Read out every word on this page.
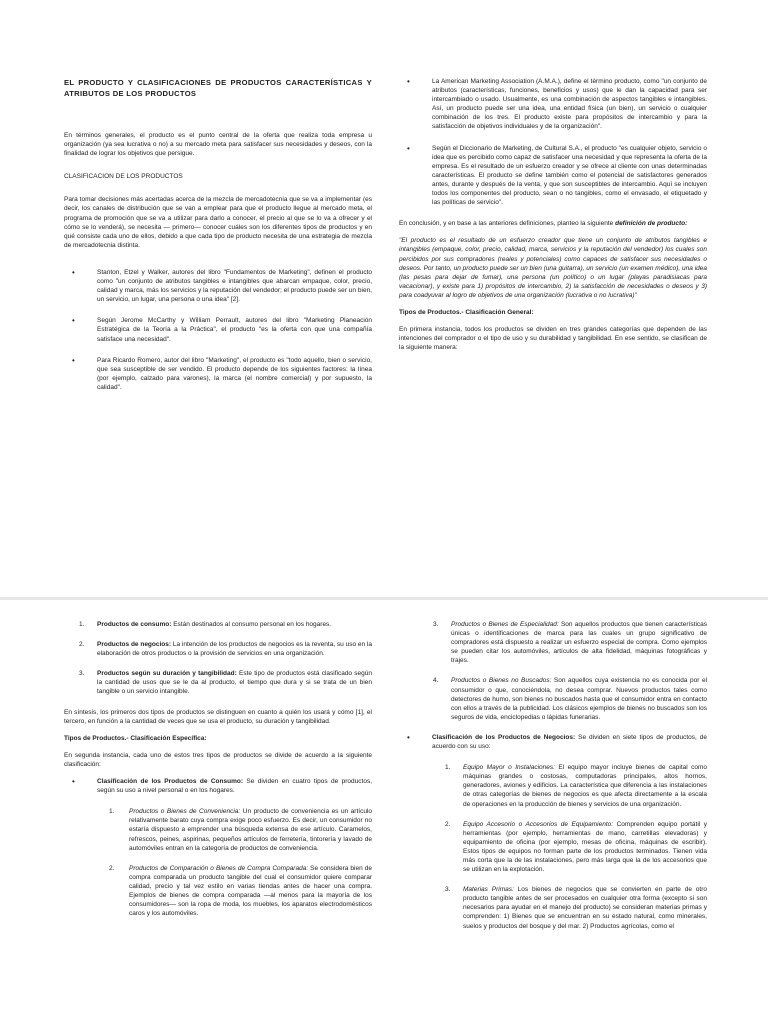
EL PRODUCTO Y CLASIFICACIONES DE PRODUCTOS CARACTERÍSTICAS Y ATRIBUTOS DE LOS PRODUCTOS

En términos generales, el producto es el punto central de la oferta que realiza toda empresa u organización (ya sea lucrativa o no) a su mercado meta para satisfacer sus necesidades y deseos, con la finalidad de lograr los objetivos que persigue.

CLASIFICACION DE LOS PRODUCTOS

Para tomar decisiones más acertadas acerca de la mezcla de mercadotecnia que se va a implementar (es decir, los canales de distribución que se van a emplear para que el producto llegue al mercado meta, el programa de promoción que se va a utilizar para darlo a conocer, el precio al que se lo va a ofrecer y el cómo se lo venderá), se necesita — primero— conocer cuáles son los diferentes tipos de productos y en qué consiste cada uno de ellos, debido a que cada tipo de producto necesita de una estrategia de mezcla de mercadotecnia distinta.

• Stanton, Etzel y Walker, autores del libro "Fundamentos de Marketing", definen el producto como "un conjunto de atributos tangibles e intangibles que abarcan empaque, color, precio, calidad y marca, más los servicios y la reputación del vendedor; el producto puede ser un bien, un servicio, un lugar, una persona o una idea" [2].
• Según Jerome McCarthy y William Perrault, autores del libro "Marketing Planeación Estratégica de la Teoría a la Práctica", el producto "es la oferta con que una compañía satisface una necesidad".
• Para Ricardo Romero, autor del libro "Marketing", el producto es "todo aquello, bien o servicio, que sea susceptible de ser vendido. El producto depende de los siguientes factores: la línea (por ejemplo, calzado para varones), la marca (el nombre comercial) y por supuesto, la calidad".
• La American Marketing Association (A.M.A.), define el término producto, como "un conjunto de atributos (características, funciones, beneficios y usos) que le dan la capacidad para ser intercambiado o usado. Usualmente, es una combinación de aspectos tangibles e intangibles. Así, un producto puede ser una idea, una entidad física (un bien), un servicio o cualquier combinación de los tres. El producto existe para propósitos de intercambio y para la satisfacción de objetivos individuales y de la organización".
• Según el Diccionario de Marketing, de Cultural S.A., el producto "es cualquier objeto, servicio o idea que es percibido como capaz de satisfacer una necesidad y que representa la oferta de la empresa. Es el resultado de un esfuerzo creador y se ofrece al cliente con unas determinadas características. El producto se define también como el potencial de satisfactores generados antes, durante y después de la venta, y que son susceptibles de intercambio. Aquí se incluyen todos los componentes del producto, sean o no tangibles, como el envasado, el etiquetado y las políticas de servicio".

En conclusión, y en base a las anteriores definiciones, planteo la siguiente definición de producto:

"El producto es el resultado de un esfuerzo creador que tiene un conjunto de atributos tangibles e intangibles (empaque, color, precio, calidad, marca, servicios y la reputación del vendedor) los cuales son percibidos por sus compradores (reales y potenciales) como capaces de satisfacer sus necesidades o deseos. Por tanto, un producto puede ser un bien (una guitarra), un servicio (un examen médico), una idea (las pesas para dejar de fumar), una persona (un político) o un lugar (playas paradisiacas para vacacionar), y existe para 1) propósitos de intercambio, 2) la satisfacción de necesidades o deseos y 3) para coadyuvar al logro de objetivos de una organización (lucrativa o no lucrativa)"

Tipos de Productos.- Clasificación General:

En primera instancia, todos los productos se dividen en tres grandes categorías que dependen de las intenciones del comprador o el tipo de uso y su durabilidad y tangibilidad. En ese sentido, se clasifican de la siguiente manera:

1. Productos de consumo: Están destinados al consumo personal en los hogares.
2. Productos de negocios: La intención de los productos de negocios es la reventa, su uso en la elaboración de otros productos o la provisión de servicios en una organización.
3. Productos según su duración y tangibilidad: Este tipo de productos está clasificado según la cantidad de usos que se le da al producto, el tiempo que dura y si se trata de un bien tangible o un servicio intangible.

En síntesis, los primeros dos tipos de productos se distinguen en cuanto a quién los usará y cómo [1], el tercero, en función a la cantidad de veces que se usa el producto, su duración y tangibilidad.

Tipos de Productos.- Clasificación Específica:

En segunda instancia, cada uno de estos tres tipos de productos se divide de acuerdo a la siguiente clasificación:

• Clasificación de los Productos de Consumo: Se dividen en cuatro tipos de productos, según su uso a nivel personal o en los hogares.
1. Productos o Bienes de Conveniencia: Un producto de conveniencia es un artículo relativamente barato cuya compra exige poco esfuerzo. Es decir, un consumidor no estaría dispuesto a emprender una búsqueda extensa de ese artículo. Caramelos, refrescos, peines, aspirinas, pequeños artículos de ferretería, tintorería y lavado de automóviles entran en la categoría de productos de conveniencia.
2. Productos de Comparación o Bienes de Compra Comparada: Se considera bien de compra comparada un producto tangible del cual el consumidor quiere comparar calidad, precio y tal vez estilo en varias tiendas antes de hacer una compra. Ejemplos de bienes de compra comparada —al menos para la mayoría de los consumidores— son la ropa de moda, los muebles, los aparatos electrodomésticos caros y los automóviles.
3. Productos o Bienes de Especialidad: Son aquellos productos que tienen características únicas o identificaciones de marca para las cuales un grupo significativo de compradores está dispuesto a realizar un esfuerzo especial de compra. Como ejemplos se pueden citar los automóviles, artículos de alta fidelidad, máquinas fotográficas y trajes.
4. Productos o Bienes no Buscados: Son aquellos cuya existencia no es conocida por el consumidor o que, conociéndola, no desea comprar. Nuevos productos tales como detectores de humo, son bienes no buscados hasta que el consumidor entra en contacto con ellos a través de la publicidad. Los clásicos ejemplos de bienes no buscados son los seguros de vida, enciclopedias o lápidas funerarias.
• Clasificación de los Productos de Negocios: Se dividen en siete tipos de productos, de acuerdo con su uso:
1. Equipo Mayor o Instalaciones: El equipo mayor incluye bienes de capital como máquinas grandes o costosas, computadoras principales, altos hornos, generadores, aviones y edificios. La característica que diferencia a las instalaciones de otras categorías de bienes de negocios es que afecta directamente a la escala de operaciones en la producción de bienes y servicios de una organización.
2. Equipo Accesorio o Accesorios de Equipamiento: Comprenden equipo portátil y herramientas (por ejemplo, herramientas de mano, carretillas elevadoras) y equipamiento de oficina (por ejemplo, mesas de oficina, máquinas de escribir). Estos tipos de equipos no forman parte de los productos terminados. Tienen vida más corta que la de las instalaciones, pero más larga que la de los accesorios que se utilizan en la explotación.
3. Materias Primas: Los bienes de negocios que se convierten en parte de otro producto tangible antes de ser procesados en cualquier otra forma (excepto si son necesarios para ayudar en el manejo del producto) se consideran materias primas y comprenden: 1) Bienes que se encuentran en su estado natural, como minerales, suelos y productos del bosque y del mar. 2) Productos agrícolas, como el
